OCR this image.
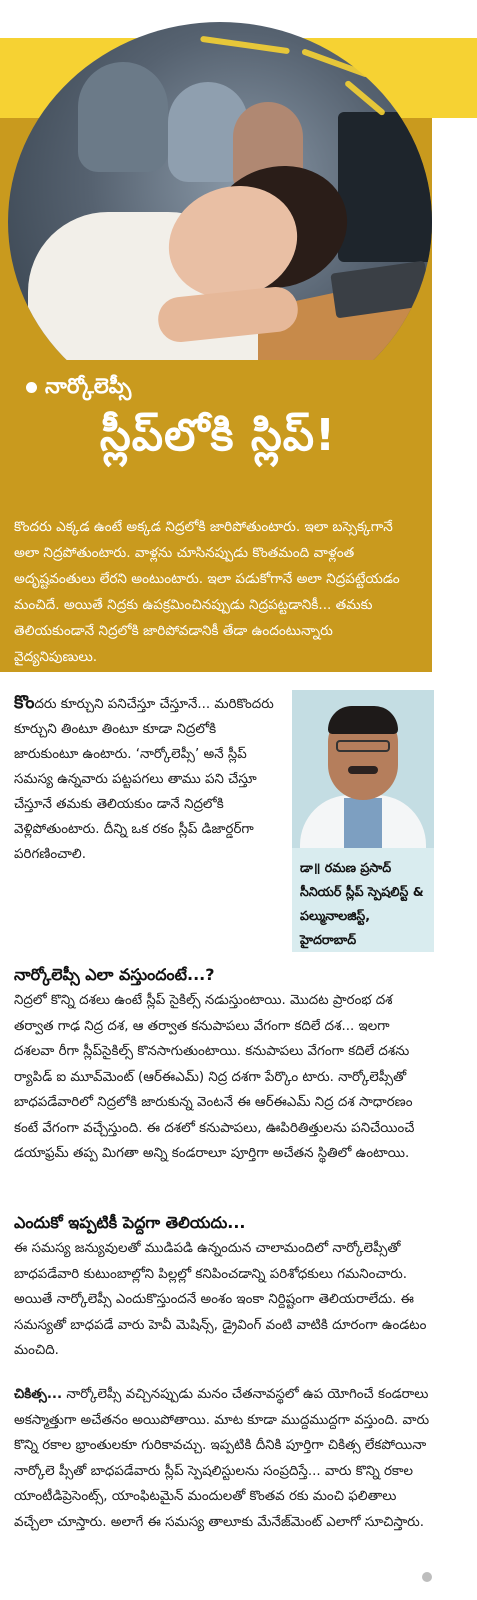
నార్కోలెప్సీ
స్లీప్‌లోకి స్లిప్!
కొందరు ఎక్కడ ఉంటే అక్కడ నిద్రలోకి జారిపోతుంటారు. ఇలా బస్సెక్కగానే అలా నిద్రపోతుంటారు. వాళ్లను చూసినప్పుడు కొంతమంది వాళ్లంత అదృష్టవంతులు లేరని అంటుంటారు. ఇలా పడుకోగానే అలా నిద్రపట్టేయడం మంచిదే. అయితే నిద్రకు ఉపక్రమించినప్పుడు నిద్రపట్టడానికీ... తమకు తెలియకుండానే నిద్రలోకి జారిపోవడానికీ తేడా ఉందంటున్నారు వైద్యనిపుణులు.
కొందరు కూర్చుని పనిచేస్తూ చేస్తూనే... మరికొందరు కూర్చుని తింటూ తింటూ కూడా నిద్రలోకి జారుకుంటూ ఉంటారు. ‘నార్కోలెప్సీ’ అనే స్లీప్ సమస్య ఉన్నవారు పట్టపగలు తాము పని చేస్తూ చేస్తూనే తమకు తెలియకుం డానే నిద్రలోకి వెళ్లిపోతుంటారు. దీన్ని ఒక రకం స్లీప్ డిజార్డర్‌గా పరిగణించాలి.
డా॥ రమణ ప్రసాద్
సీనియర్ స్లీప్ స్పెషలిస్ట్ & పల్మునాలజిస్ట్,
హైదరాబాద్
నార్కోలెప్సీ ఎలా వస్తుందంటే...?

నిద్రలో కొన్ని దశలు ఉంటే స్లీప్ సైకిల్స్ నడుస్తుంటాయి. మొదట ప్రారంభ దశ తర్వాత గాఢ నిద్ర దశ, ఆ తర్వాత కనుపాపలు వేగంగా కదిలే దశ... ఇలగా దశలవా రీగా స్లీప్‌సైకిల్స్ కొనసాగుతుంటాయి. కనుపాపలు వేగంగా కదిలే దశను ర్యాపిడ్ ఐ మూవ్‌మెంట్ (ఆర్‌ఈఎమ్) నిద్ర దశగా పేర్కొం టారు. నార్కోలెప్సీతో బాధపడేవారిలో నిద్రలోకి జారుకున్న వెంటనే ఈ ఆర్‌ఈఎమ్ నిద్ర దశ సాధారణం కంటే వేగంగా వచ్చేస్తుంది. ఈ దశలో కనుపాపలు, ఊపిరితిత్తులను పనిచేయించే డయాఫ్రమ్ తప్ప మిగతా అన్ని కండరాలూ పూర్తిగా అచేతన స్థితిలో ఉంటాయి.

ఎందుకో ఇప్పటికీ పెద్దగా తెలియదు...

ఈ సమస్య జన్యువులతో ముడిపడి ఉన్నందున చాలామందిలో నార్కోలెప్సీతో బాధపడేవారి కుటుంబాల్లోని పిల్లల్లో కనిపించడాన్ని పరిశోధకులు గమనించారు. అయితే నార్కోలెప్సీ ఎందుకొస్తుందనే అంశం ఇంకా నిర్దిష్టంగా తెలియరాలేదు. ఈ సమస్యతో బాధపడే వారు హెవీ మెషిన్స్, డ్రైవింగ్ వంటి వాటికి దూరంగా ఉండటం మంచిది.

చికిత్స... నార్కోలెప్సీ వచ్చినప్పుడు మనం చేతనావస్థలో ఉప యోగించే కండరాలు అకస్మాత్తుగా అచేతనం అయిపోతాయి. మాట కూడా ముద్దముద్దగా వస్తుంది. వారు కొన్ని రకాల భ్రాంతులకూ గురికావచ్చు. ఇప్పటికి దీనికి పూర్తిగా చికిత్స లేకపోయినా నార్కోలె ప్సీతో బాధపడేవారు స్లీప్ స్పెషలిస్టులను సంప్రదిస్తే... వారు కొన్ని రకాల యాంటీడిప్రెసెంట్స్, యాంఫిటమైన్ మందులతో కొంతవ రకు మంచి ఫలితాలు వచ్చేలా చూస్తారు. అలాగే ఈ సమస్య తాలూకు మేనేజ్‌మెంట్ ఎలాగో సూచిస్తారు.
